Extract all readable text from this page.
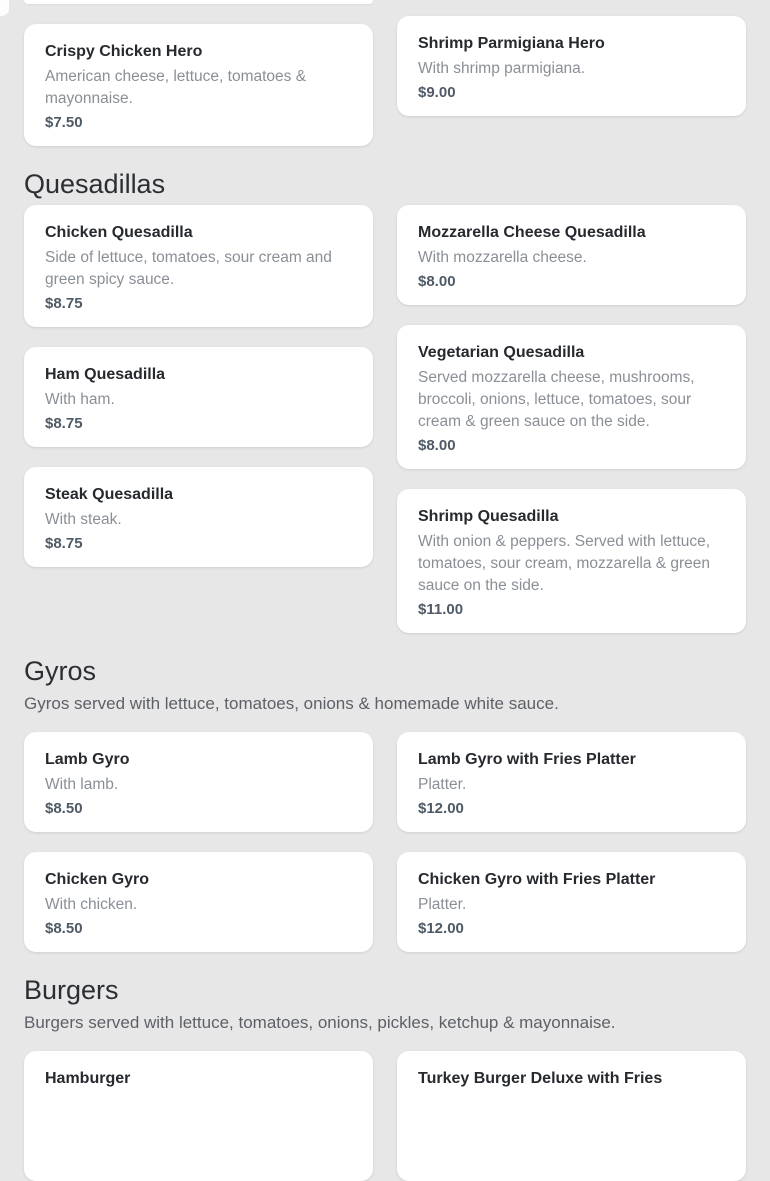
Crispy Chicken Hero
American cheese, lettuce, tomatoes & mayonnaise.
$7.50
Shrimp Parmigiana Hero
With shrimp parmigiana.
$9.00
Quesadillas
Chicken Quesadilla
Side of lettuce, tomatoes, sour cream and green spicy sauce.
$8.75
Ham Quesadilla
With ham.
$8.75
Steak Quesadilla
With steak.
$8.75
Mozzarella Cheese Quesadilla
With mozzarella cheese.
$8.00
Vegetarian Quesadilla
Served mozzarella cheese, mushrooms, broccoli, onions, lettuce, tomatoes, sour cream & green sauce on the side.
$8.00
Shrimp Quesadilla
With onion & peppers. Served with lettuce, tomatoes, sour cream, mozzarella & green sauce on the side.
$11.00
Gyros

Gyros served with lettuce, tomatoes, onions & homemade white sauce.

Lamb Gyro
With lamb.
$8.50
Chicken Gyro
With chicken.
$8.50
Lamb Gyro with Fries Platter
Platter.
$12.00
Chicken Gyro with Fries Platter
Platter.
$12.00
Burgers

Burgers served with lettuce, tomatoes, onions, pickles, ketchup & mayonnaise.

Hamburger	Turkey Burger Deluxe with Fries
